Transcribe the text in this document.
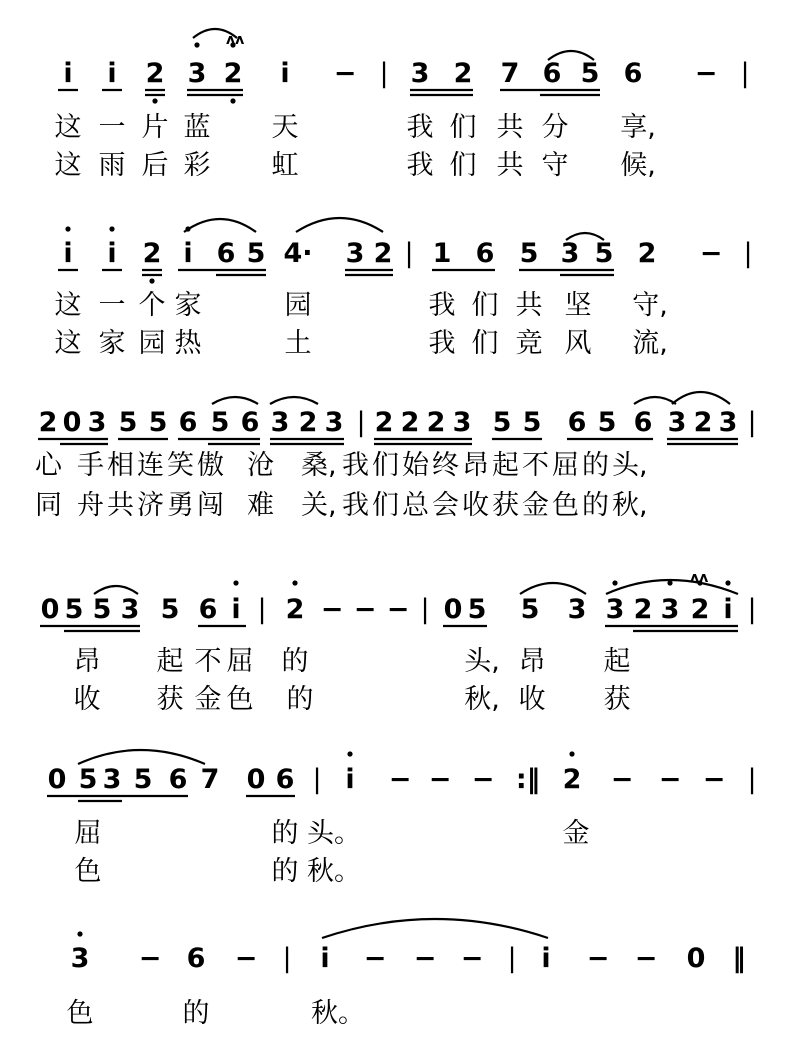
i i 2 3 2 i − | 3 2 7 6 5 6 − |
ʌʌ
这 一 片 蓝 天	我 们 共 分 享,
这 雨 后 彩 虹	我 们 共 守 候,
i i 2 i 6 5 4· 3 2 | 1 6 5 3 5 2 − |
这 一 个 家	园	我 们 共 坚 守,
这 家 园 热	土	我 们 竞 风 流,
2 0 3 5 5 6 5 6 3 2 3 | 2 2 2 3 5 5 6 5 6 3 2 3 |
心 手 相 连 笑 傲 沧 桑, 我 们 始 终 昂 起 不 屈 的 头,
同 舟 共 济 勇 闯 难 关, 我 们 总 会 收 获 金 色 的 秋,
0 5 5 3 5 6 i | 2 − − − | 0 5 5 3 3 2 3 2 i |
ʌʌ
昂 起 不 屈 的	头, 昂 起
收 获 金 色 的	秋, 收 获
0 5 3 5 6 7 0 6 | i − − − :‖ 2 − − − |
屈	的 头。	金
色	的 秋。
3 − 6 − | i − − − | i − − 0 ‖
色	的	秋。
